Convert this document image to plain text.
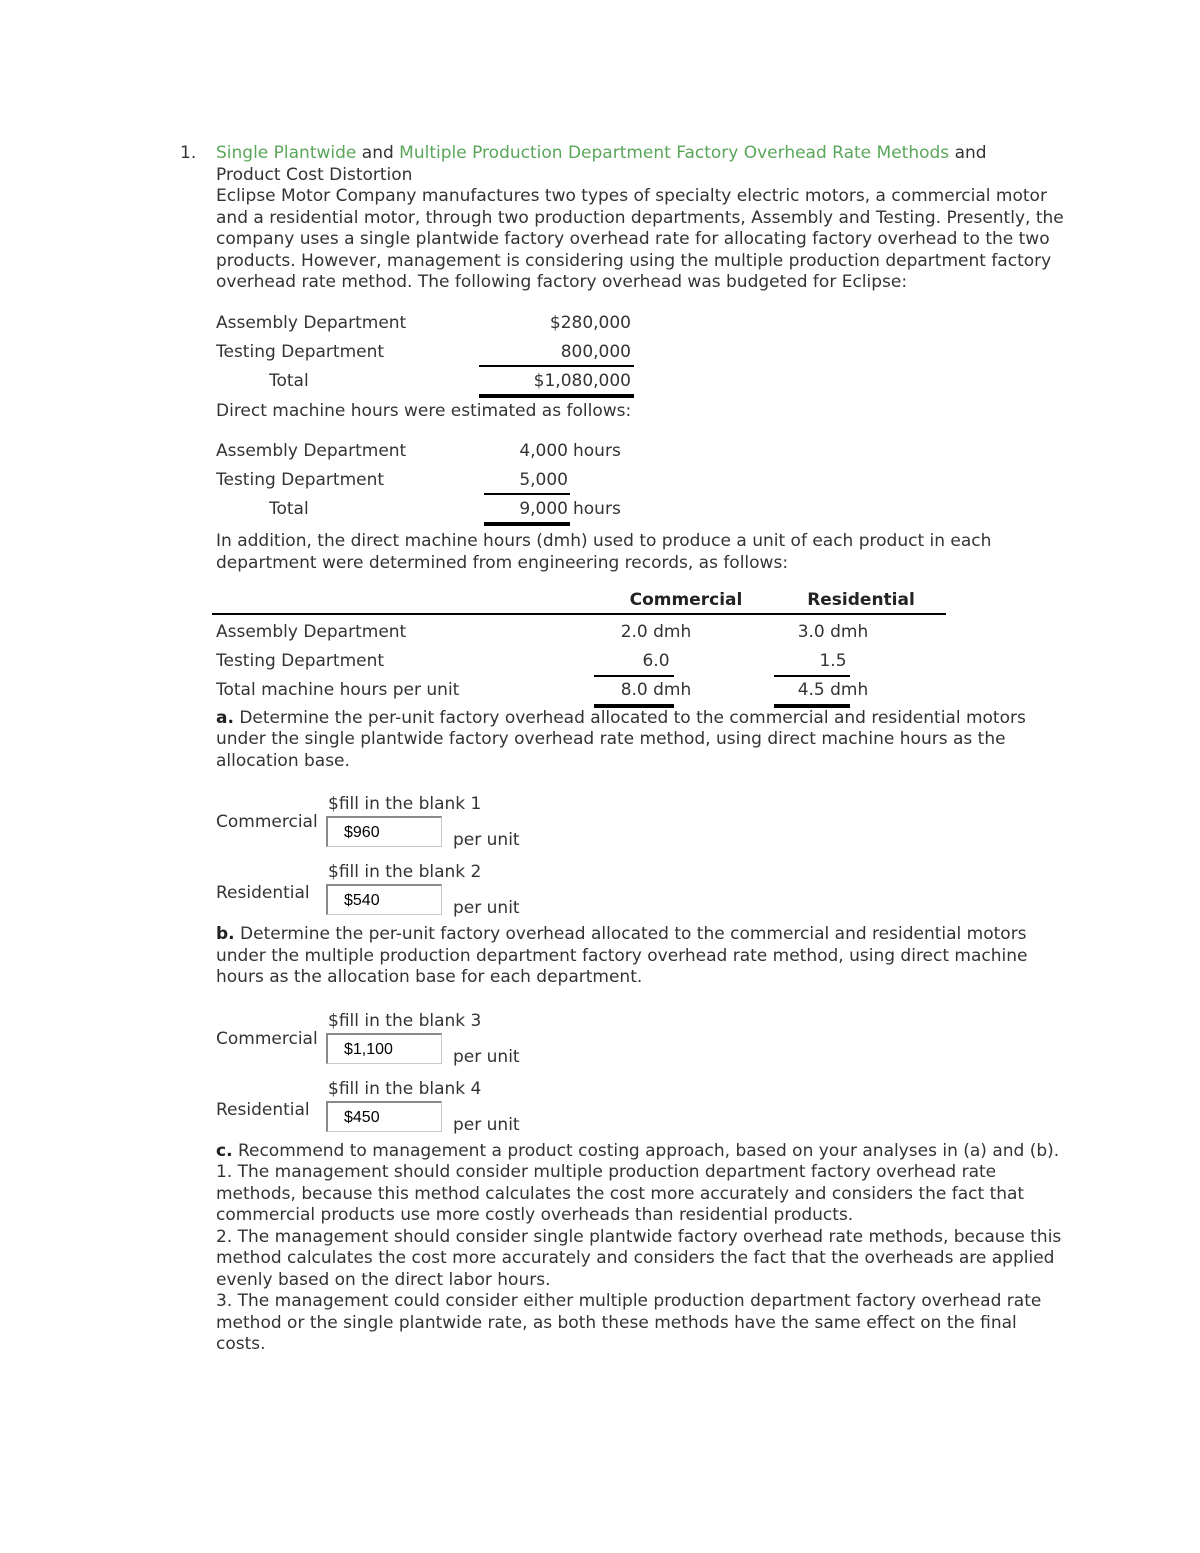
1. Single Plantwide and Multiple Production Department Factory Overhead Rate Methods and
Product Cost Distortion

Eclipse Motor Company manufactures two types of specialty electric motors, a commercial motor and a residential motor, through two production departments, Assembly and Testing. Presently, the company uses a single plantwide factory overhead rate for allocating factory overhead to the two products. However, management is considering using the multiple production department factory overhead rate method. The following factory overhead was budgeted for Eclipse:

Assembly Department	$280,000
Testing Department	800,000
Total	$1,080,000

Direct machine hours were estimated as follows:

Assembly Department	4,000 hours
Testing Department	5,000
Total	9,000 hours

In addition, the direct machine hours (dmh) used to produce a unit of each product in each department were determined from engineering records, as follows:

Commercial	Residential
Assembly Department	2.0 dmh	3.0 dmh
Testing Department	6.0	1.5
Total machine hours per unit	8.0 dmh	4.5 dmh

a. Determine the per-unit factory overhead allocated to the commercial and residential motors under the single plantwide factory overhead rate method, using direct machine hours as the allocation base.

Commercial
$fill in the blank 1
$960	per unit
Residential
$fill in the blank 2
$540	per unit

b. Determine the per-unit factory overhead allocated to the commercial and residential motors under the multiple production department factory overhead rate method, using direct machine hours as the allocation base for each department.

Commercial
$fill in the blank 3
$1,100	per unit
Residential
$fill in the blank 4
$450	per unit

c. Recommend to management a product costing approach, based on your analyses in (a) and (b).

1. The management should consider multiple production department factory overhead rate methods, because this method calculates the cost more accurately and considers the fact that commercial products use more costly overheads than residential products.

2. The management should consider single plantwide factory overhead rate methods, because this method calculates the cost more accurately and considers the fact that the overheads are applied evenly based on the direct labor hours.

3. The management could consider either multiple production department factory overhead rate method or the single plantwide rate, as both these methods have the same effect on the final costs.
